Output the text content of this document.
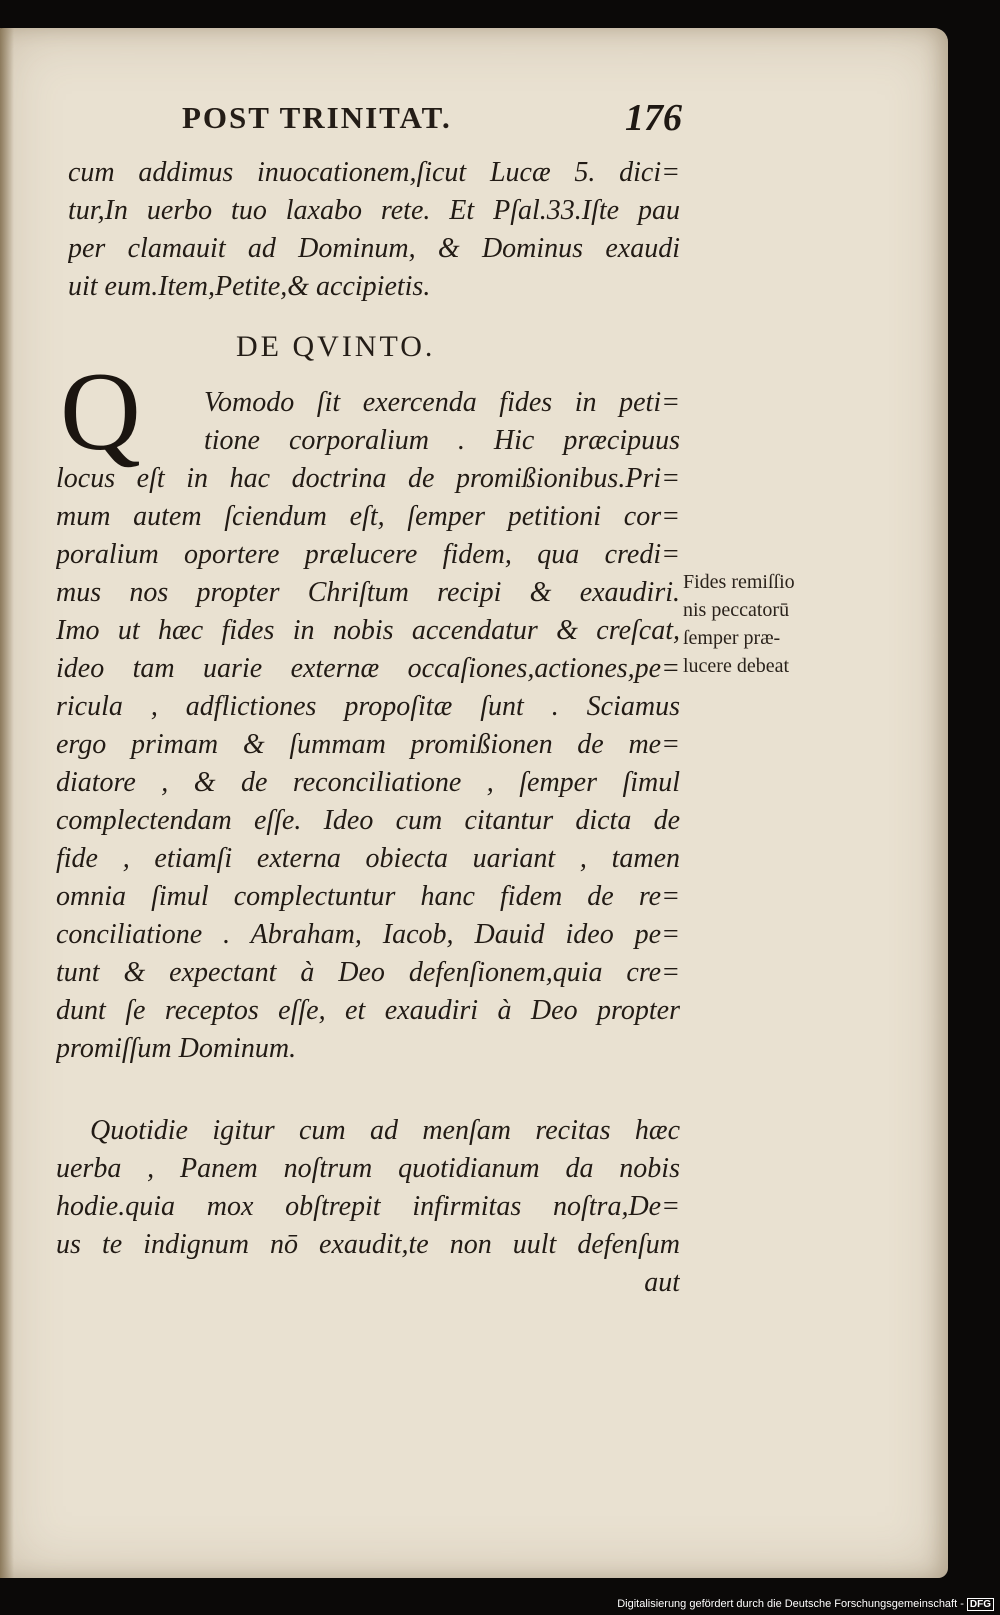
POST TRINITAT.	176
cum addimus inuocationem,ſicut Lucæ 5. dici=
tur,In uerbo tuo laxabo rete. Et Pſal.33.Iſte pau
per clamauit ad Dominum, & Dominus exaudi
uit eum.Item,Petite,& accipietis.
DE QVINTO.
Q	Vomodo ſit exercenda fides in peti=
tione corporalium . Hic præcipuus
locus eſt in hac doctrina de promißionibus.Pri=
mum autem ſciendum eſt, ſemper petitioni cor=
poralium oportere prælucere fidem, qua credi=
mus nos propter Chriſtum recipi & exaudiri.
Imo ut hæc fides in nobis accendatur & creſcat,
ideo tam uarie externæ occaſiones,actiones,pe=
ricula , adflictiones propoſitæ ſunt . Sciamus
ergo primam & ſummam promißionen de me=
diatore , & de reconciliatione , ſemper ſimul
complectendam eſſe. Ideo cum citantur dicta de
fide , etiamſi externa obiecta uariant , tamen
omnia ſimul complectuntur hanc fidem de re=
conciliatione . Abraham, Iacob, Dauid ideo pe=
tunt & expectant à Deo defenſionem,quia cre=
dunt ſe receptos eſſe, et exaudiri à Deo propter
promiſſum Dominum.
Quotidie igitur cum ad menſam recitas hæc
uerba , Panem noſtrum quotidianum da nobis
hodie.quia mox obſtrepit infirmitas noſtra,De=
us te indignum nō exaudit,te non uult defenſum
aut
Fides remiſſio
nis peccatorū
ſemper præ-
lucere debeat
Digitalisierung gefördert durch die Deutsche Forschungsgemeinschaft - DFG
